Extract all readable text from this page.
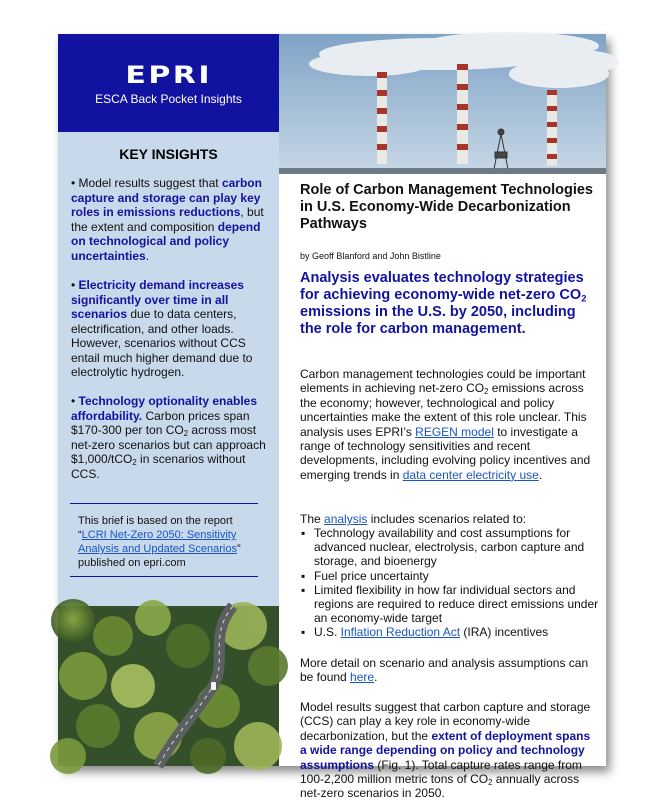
EPRI
ESCA Back Pocket Insights
KEY INSIGHTS
• Model results suggest that carbon capture and storage can play key roles in emissions reductions, but the extent and composition depend on technological and policy uncertainties.
• Electricity demand increases significantly over time in all scenarios due to data centers, electrification, and other loads. However, scenarios without CCS entail much higher demand due to electrolytic hydrogen.
• Technology optionality enables affordability. Carbon prices span $170-300 per ton $CO_2$ across most net-zero scenarios but can approach $1,000/tCO$_2$ in scenarios without CCS.
This brief is based on the report “LCRI Net-Zero 2050: Sensitivity Analysis and Updated Scenarios” published on epri.com
Role of Carbon Management Technologies in U.S. Economy-Wide Decarbonization Pathways
by Geoff Blanford and John Bistline
Analysis evaluates technology strategies for achieving economy-wide net-zero $CO_2$ emissions in the U.S. by 2050, including the role for carbon management.
Carbon management technologies could be important elements in achieving net-zero $CO_2$ emissions across the economy; however, technological and policy uncertainties make the extent of this role unclear. This analysis uses EPRI’s REGEN model to investigate a range of technology sensitivities and recent developments, including evolving policy incentives and emerging trends in data center electricity use.
The analysis includes scenarios related to:
▪ Technology availability and cost assumptions for advanced nuclear, electrolysis, carbon capture and storage, and bioenergy
▪ Fuel price uncertainty
▪ Limited flexibility in how far individual sectors and regions are required to reduce direct emissions under an economy-wide target
▪ U.S. Inflation Reduction Act (IRA) incentives
More detail on scenario and analysis assumptions can be found here.
Model results suggest that carbon capture and storage (CCS) can play a key role in economy-wide decarbonization, but the extent of deployment spans a wide range depending on policy and technology assumptions (Fig. 1). Total capture rates range from 100-2,200 million metric tons of $CO_2$ annually across net-zero scenarios in 2050.
